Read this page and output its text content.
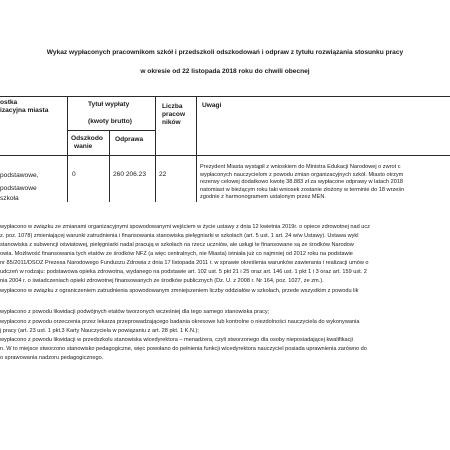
Wykaz wypłaconych pracownikom szkół i przedszkoli odszkodowań i odpraw z tytułu rozwiązania stosunku pracy
w okresie od 22 listopada 2018 roku do chwili obecnej
ostka
izacyjna miasta
Tytuł wypłaty
(kwoty brutto)
Odszkodo
wanie
Odprawa
Liczba
pracow
ników
Uwagi
podstawowe,
podstawowe
szkoła
0	260 206.23 22
Prezydent Miasta wystąpił z wnioskiem do Ministra Edukacji Narodowej o zwrot c
wypłaconych nauczycielom z powodu zmian organizacyjnych szkół. Miasto otrzym
rezerwy celowej dodatkowo kwotę 38.883 zł za wypłacone odprawy w latach 2018
natomiast w bieżącym roku taki wniosek zostanie złożony w terminie do 18 wrześn
zgodnie z harmonogramem ustalonym przez MEN.
wypłacono w związku ze zmianami organizacyjnymi spowodowanymi wejściem w życie ustawy z dnia 12 kwietnia 2019r. o opiece zdrowotnej nad ucz
z. poz. 1078) zmieniającej warunki zatrudnienia i finansowania stanowiska pielęgniarki w szkołach (art. 5 ust. 1 art. 24 w/w Ustawy). Ustawa wykl
stanowiska z subwencji oświatowej, pielęgniarki nadal pracują w szkołach na rzecz uczniów, ale usługi te finansowane są ze środków Narodow
owia. Możliwość finansowania tych etatów ze środków NFZ (a więc centralnych, nie Miasta) istniała już co najmniej od 2012 roku na podstawie
nr 85/2011/DSOZ Prezesa Narodowego Funduszu Zdrowia z dnia 17 listopada 2011 r. w sprawie określenia warunków zawierania i realizacji umów o
udczeń w rodzaju: podstawowa opieka zdrowotna, wydanego na podstawie art. 102 ust. 5 pkt 21 i 25 oraz art. 146 ust. 1 pkt 1 i 3 oraz art. 159 ust. 2
nia 2004 r. o świadczeniach opieki zdrowotnej finansowanych ze środków publicznych (Dz. U. z 2008 r. Nr 164, poz. 1027, ze zm.).
wypłacono w związku z ograniczeniem zatrudnienia spowodowanym zmniejszeniem liczby oddziałów w szkołach, przede wszystkim z powodu lik
wypłacono z powodu likwidacji podwójnych etatów tworzonych wcześniej dla tego samego stanowiska pracy;
wypłacono z powodu orzeczenia przez lekarza przeprowadzającego badania okresowe lub kontrolne o niezdolności nauczyciela do wykonywania
j pracy (art. 23 ust. 1 pkt.3 Karty Nauczyciela w powiązaniu z art. 28 pkt. 1 K.N.);
wypłacono z powodu likwidacji w przedszkolu stanowiska wicedyrektora – menadżera, czyli stworzonego dla osoby nieposiadającej kwalifikacji
n. W to miejsce stworzono stanowisko pedagogiczne, więc powołano do pełnienia funkcji wicedyrektora nauczyciel posiada uprawnienia zarówno do
o sprawowania nadzoru pedagogicznego.
